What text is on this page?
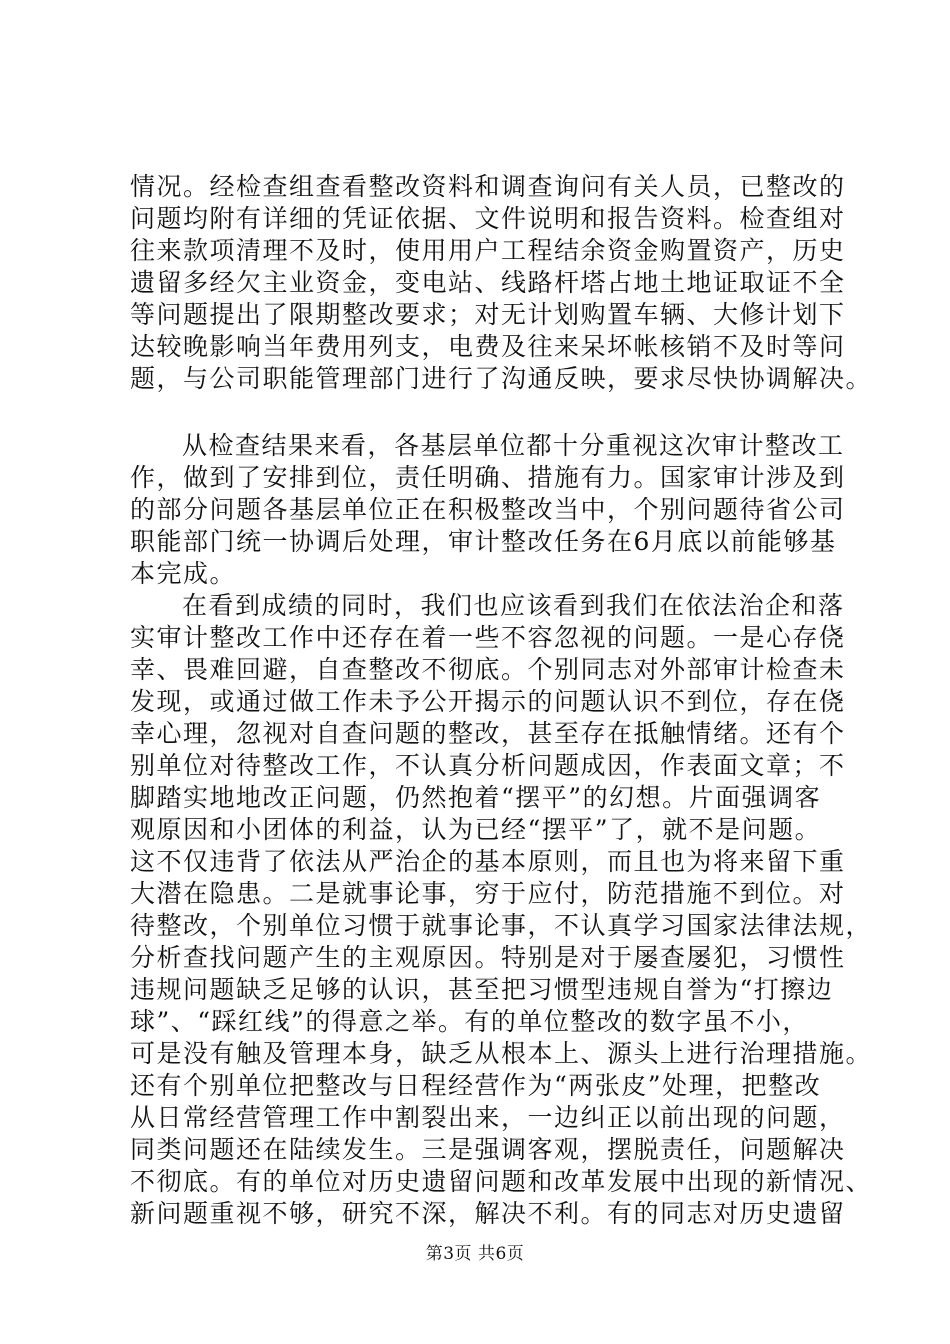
情况。经检查组查看整改资料和调查询问有关人员，已整改的
问题均附有详细的凭证依据、文件说明和报告资料。检查组对
往来款项清理不及时，使用用户工程结余资金购置资产，历史
遗留多经欠主业资金，变电站、线路杆塔占地土地证取证不全
等问题提出了限期整改要求；对无计划购置车辆、大修计划下
达较晚影响当年费用列支，电费及往来呆坏帐核销不及时等问
题，与公司职能管理部门进行了沟通反映，要求尽快协调解决。
从检查结果来看，各基层单位都十分重视这次审计整改工
作，做到了安排到位，责任明确、措施有力。国家审计涉及到
的部分问题各基层单位正在积极整改当中，个别问题待省公司
职能部门统一协调后处理，审计整改任务在6月底以前能够基
本完成。
在看到成绩的同时，我们也应该看到我们在依法治企和落
实审计整改工作中还存在着一些不容忽视的问题。一是心存侥
幸、畏难回避，自查整改不彻底。个别同志对外部审计检查未
发现，或通过做工作未予公开揭示的问题认识不到位，存在侥
幸心理，忽视对自查问题的整改，甚至存在抵触情绪。还有个
别单位对待整改工作，不认真分析问题成因，作表面文章；不
脚踏实地地改正问题，仍然抱着“摆平”的幻想。片面强调客
观原因和小团体的利益，认为已经“摆平”了，就不是问题。
这不仅违背了依法从严治企的基本原则，而且也为将来留下重
大潜在隐患。二是就事论事，穷于应付，防范措施不到位。对
待整改，个别单位习惯于就事论事，不认真学习国家法律法规，
分析查找问题产生的主观原因。特别是对于屡查屡犯，习惯性
违规问题缺乏足够的认识，甚至把习惯型违规自誉为“打擦边
球”、“踩红线”的得意之举。有的单位整改的数字虽不小，
可是没有触及管理本身，缺乏从根本上、源头上进行治理措施。
还有个别单位把整改与日程经营作为“两张皮”处理，把整改
从日常经营管理工作中割裂出来，一边纠正以前出现的问题，
同类问题还在陆续发生。三是强调客观，摆脱责任，问题解决
不彻底。有的单位对历史遗留问题和改革发展中出现的新情况、
新问题重视不够，研究不深，解决不利。有的同志对历史遗留
第3页 共6页
